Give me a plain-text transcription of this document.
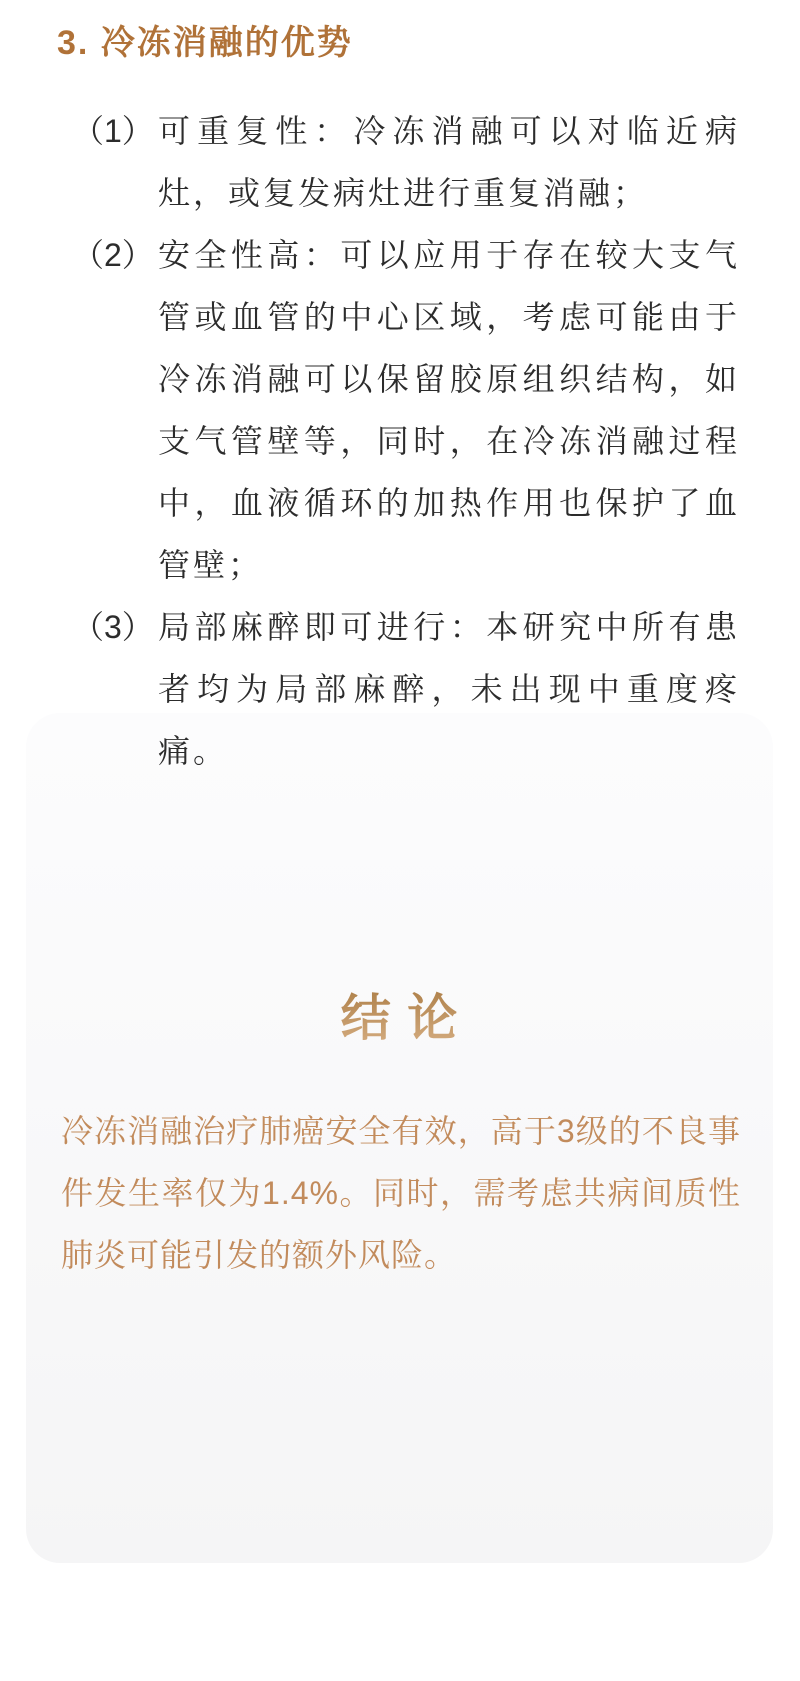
3. 冷冻消融的优势
（1） 可重复性：冷冻消融可以对临近病灶，或复发病灶进行重复消融；
（2） 安全性高：可以应用于存在较大支气管或血管的中心区域，考虑可能由于冷冻消融可以保留胶原组织结构，如支气管壁等，同时，在冷冻消融过程中，血液循环的加热作用也保护了血管壁；
（3） 局部麻醉即可进行：本研究中所有患者均为局部麻醉，未出现中重度疼痛。
结 论

冷冻消融治疗肺癌安全有效，高于3级的不良事件发生率仅为1.4%。同时，需考虑共病间质性肺炎可能引发的额外风险。
